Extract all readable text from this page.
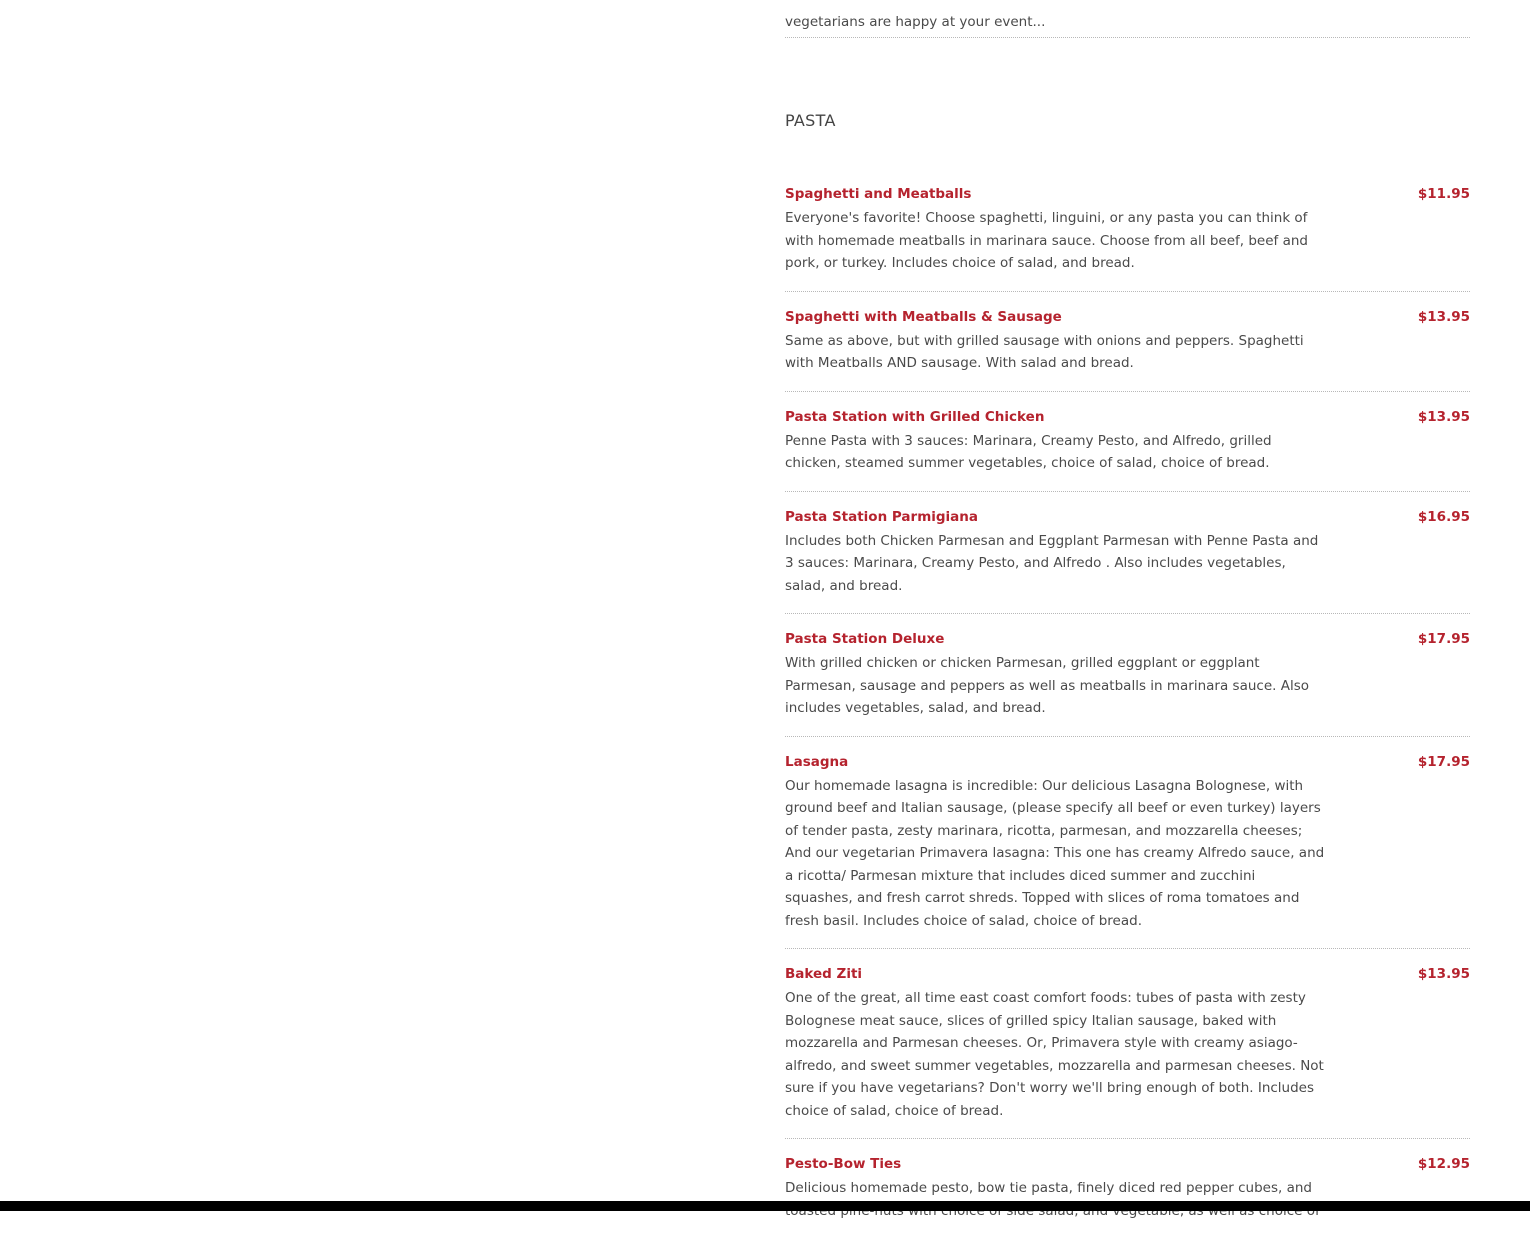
vegetarians are happy at your event...

PASTA
Spaghetti and Meatballs	$11.95

Everyone's favorite! Choose spaghetti, linguini, or any pasta you can think of with homemade meatballs in marinara sauce. Choose from all beef, beef and pork, or turkey. Includes choice of salad, and bread.

Spaghetti with Meatballs & Sausage	$13.95

Same as above, but with grilled sausage with onions and peppers. Spaghetti with Meatballs AND sausage. With salad and bread.

Pasta Station with Grilled Chicken	$13.95

Penne Pasta with 3 sauces: Marinara, Creamy Pesto, and Alfredo, grilled chicken, steamed summer vegetables, choice of salad, choice of bread.

Pasta Station Parmigiana	$16.95

Includes both Chicken Parmesan and Eggplant Parmesan with Penne Pasta and 3 sauces: Marinara, Creamy Pesto, and Alfredo . Also includes vegetables, salad, and bread.

Pasta Station Deluxe	$17.95

With grilled chicken or chicken Parmesan, grilled eggplant or eggplant Parmesan, sausage and peppers as well as meatballs in marinara sauce. Also includes vegetables, salad, and bread.

Lasagna	$17.95

Our homemade lasagna is incredible: Our delicious Lasagna Bolognese, with ground beef and Italian sausage, (please specify all beef or even turkey) layers of tender pasta, zesty marinara, ricotta, parmesan, and mozzarella cheeses; And our vegetarian Primavera lasagna: This one has creamy Alfredo sauce, and a ricotta/ Parmesan mixture that includes diced summer and zucchini squashes, and fresh carrot shreds. Topped with slices of roma tomatoes and fresh basil. Includes choice of salad, choice of bread.

Baked Ziti	$13.95

One of the great, all time east coast comfort foods: tubes of pasta with zesty Bolognese meat sauce, slices of grilled spicy Italian sausage, baked with mozzarella and Parmesan cheeses. Or, Primavera style with creamy asiago-alfredo, and sweet summer vegetables, mozzarella and parmesan cheeses. Not sure if you have vegetarians? Don't worry we'll bring enough of both. Includes choice of salad, choice of bread.

Pesto-Bow Ties	$12.95

Delicious homemade pesto, bow tie pasta, finely diced red pepper cubes, and
